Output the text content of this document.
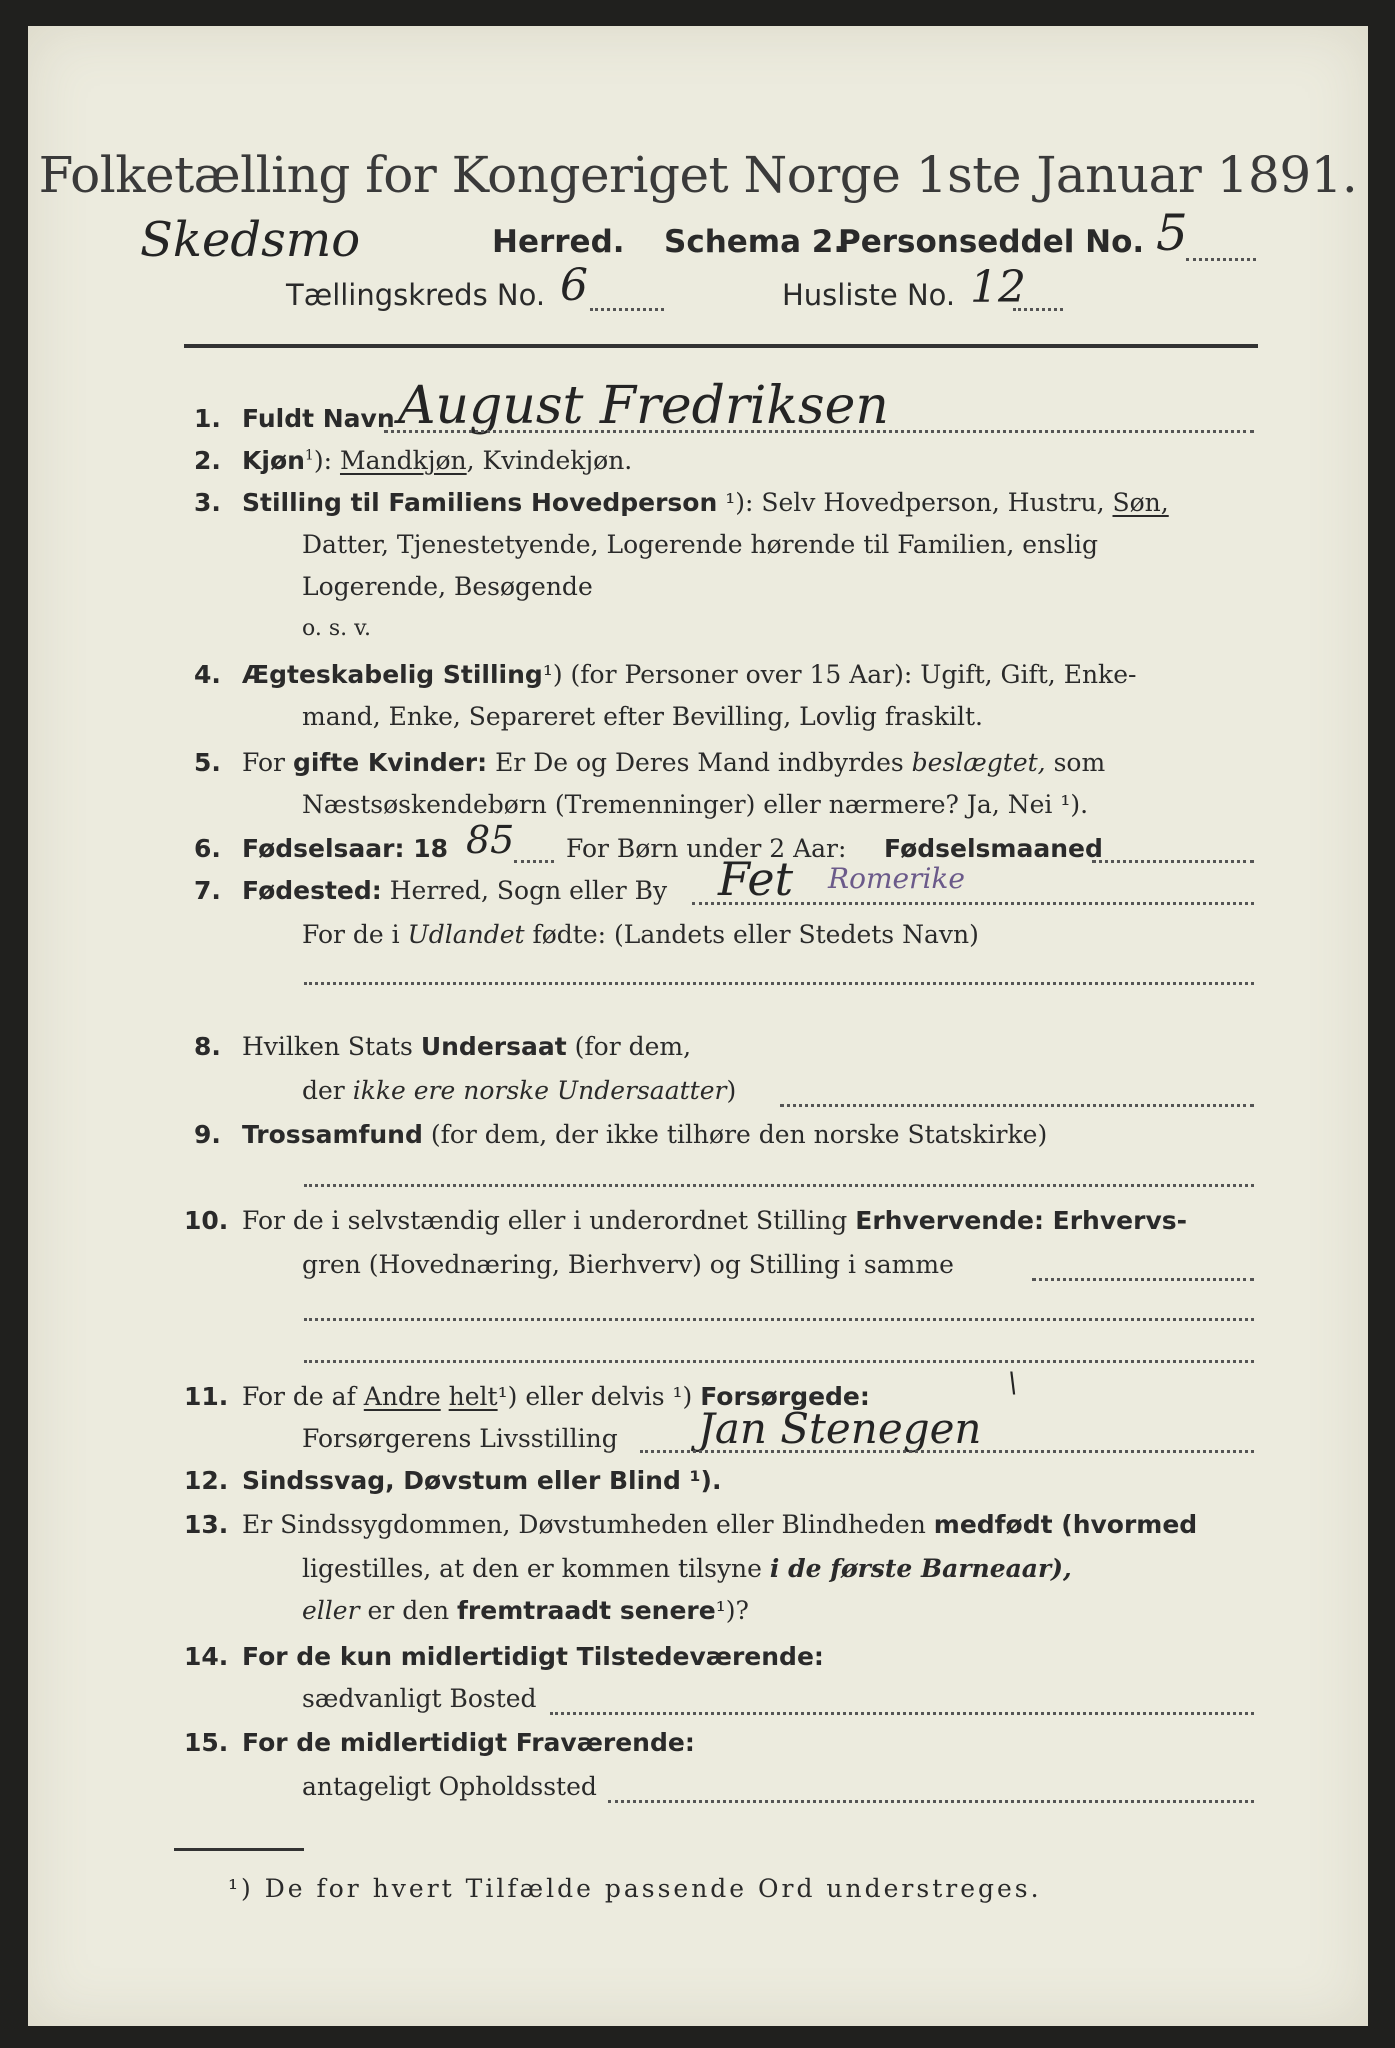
Folketælling for Kongeriget Norge 1ste Januar 1891.
Skedsmo	Herred. Schema 2.
Personseddel No. 5
Tællingskreds No. 6	Husliste No. 12
1. Fuldt Navn August Fredriksen
2. Kjøn$^1$): Mandkjøn, Kvindekjøn.
3. Stilling til Familiens Hovedperson ¹): Selv Hovedperson, Hustru, Søn,
Datter, Tjenestetyende, Logerende hørende til Familien, enslig
Logerende, Besøgende
o. s. v.
4. Ægteskabelig Stilling¹) (for Personer over 15 Aar): Ugift, Gift, Enke-
mand, Enke, Separeret efter Bevilling, Lovlig fraskilt.
5. For gifte Kvinder: Er De og Deres Mand indbyrdes beslægtet, som
Næstsøskendebørn (Tremenninger) eller nærmere? Ja, Nei ¹).
6. Fødselsaar: 18 85 For Børn under 2 Aar: Fødselsmaaned
7. Fødested: Herred, Sogn eller By Fet Romerike
For de i Udlandet fødte: (Landets eller Stedets Navn)
8. Hvilken Stats Undersaat (for dem,
der ikke ere norske Undersaatter)
9. Trossamfund (for dem, der ikke tilhøre den norske Statskirke)
10. For de i selvstændig eller i underordnet Stilling Erhvervende: Erhvervs-
gren (Hovednæring, Bierhverv) og Stilling i samme
11. For de af Andre helt¹) eller delvis ¹) Forsørgede:	\
Forsørgerens Livsstilling Jan Stenegen
12. Sindssvag, Døvstum eller Blind ¹).
13. Er Sindssygdommen, Døvstumheden eller Blindheden medfødt (hvormed
ligestilles, at den er kommen tilsyne i de første Barneaar),
eller er den fremtraadt senere¹)?
14. For de kun midlertidigt Tilstedeværende:
sædvanligt Bosted
15. For de midlertidigt Fraværende:
antageligt Opholdssted
¹) De for hvert Tilfælde passende Ord understreges.
